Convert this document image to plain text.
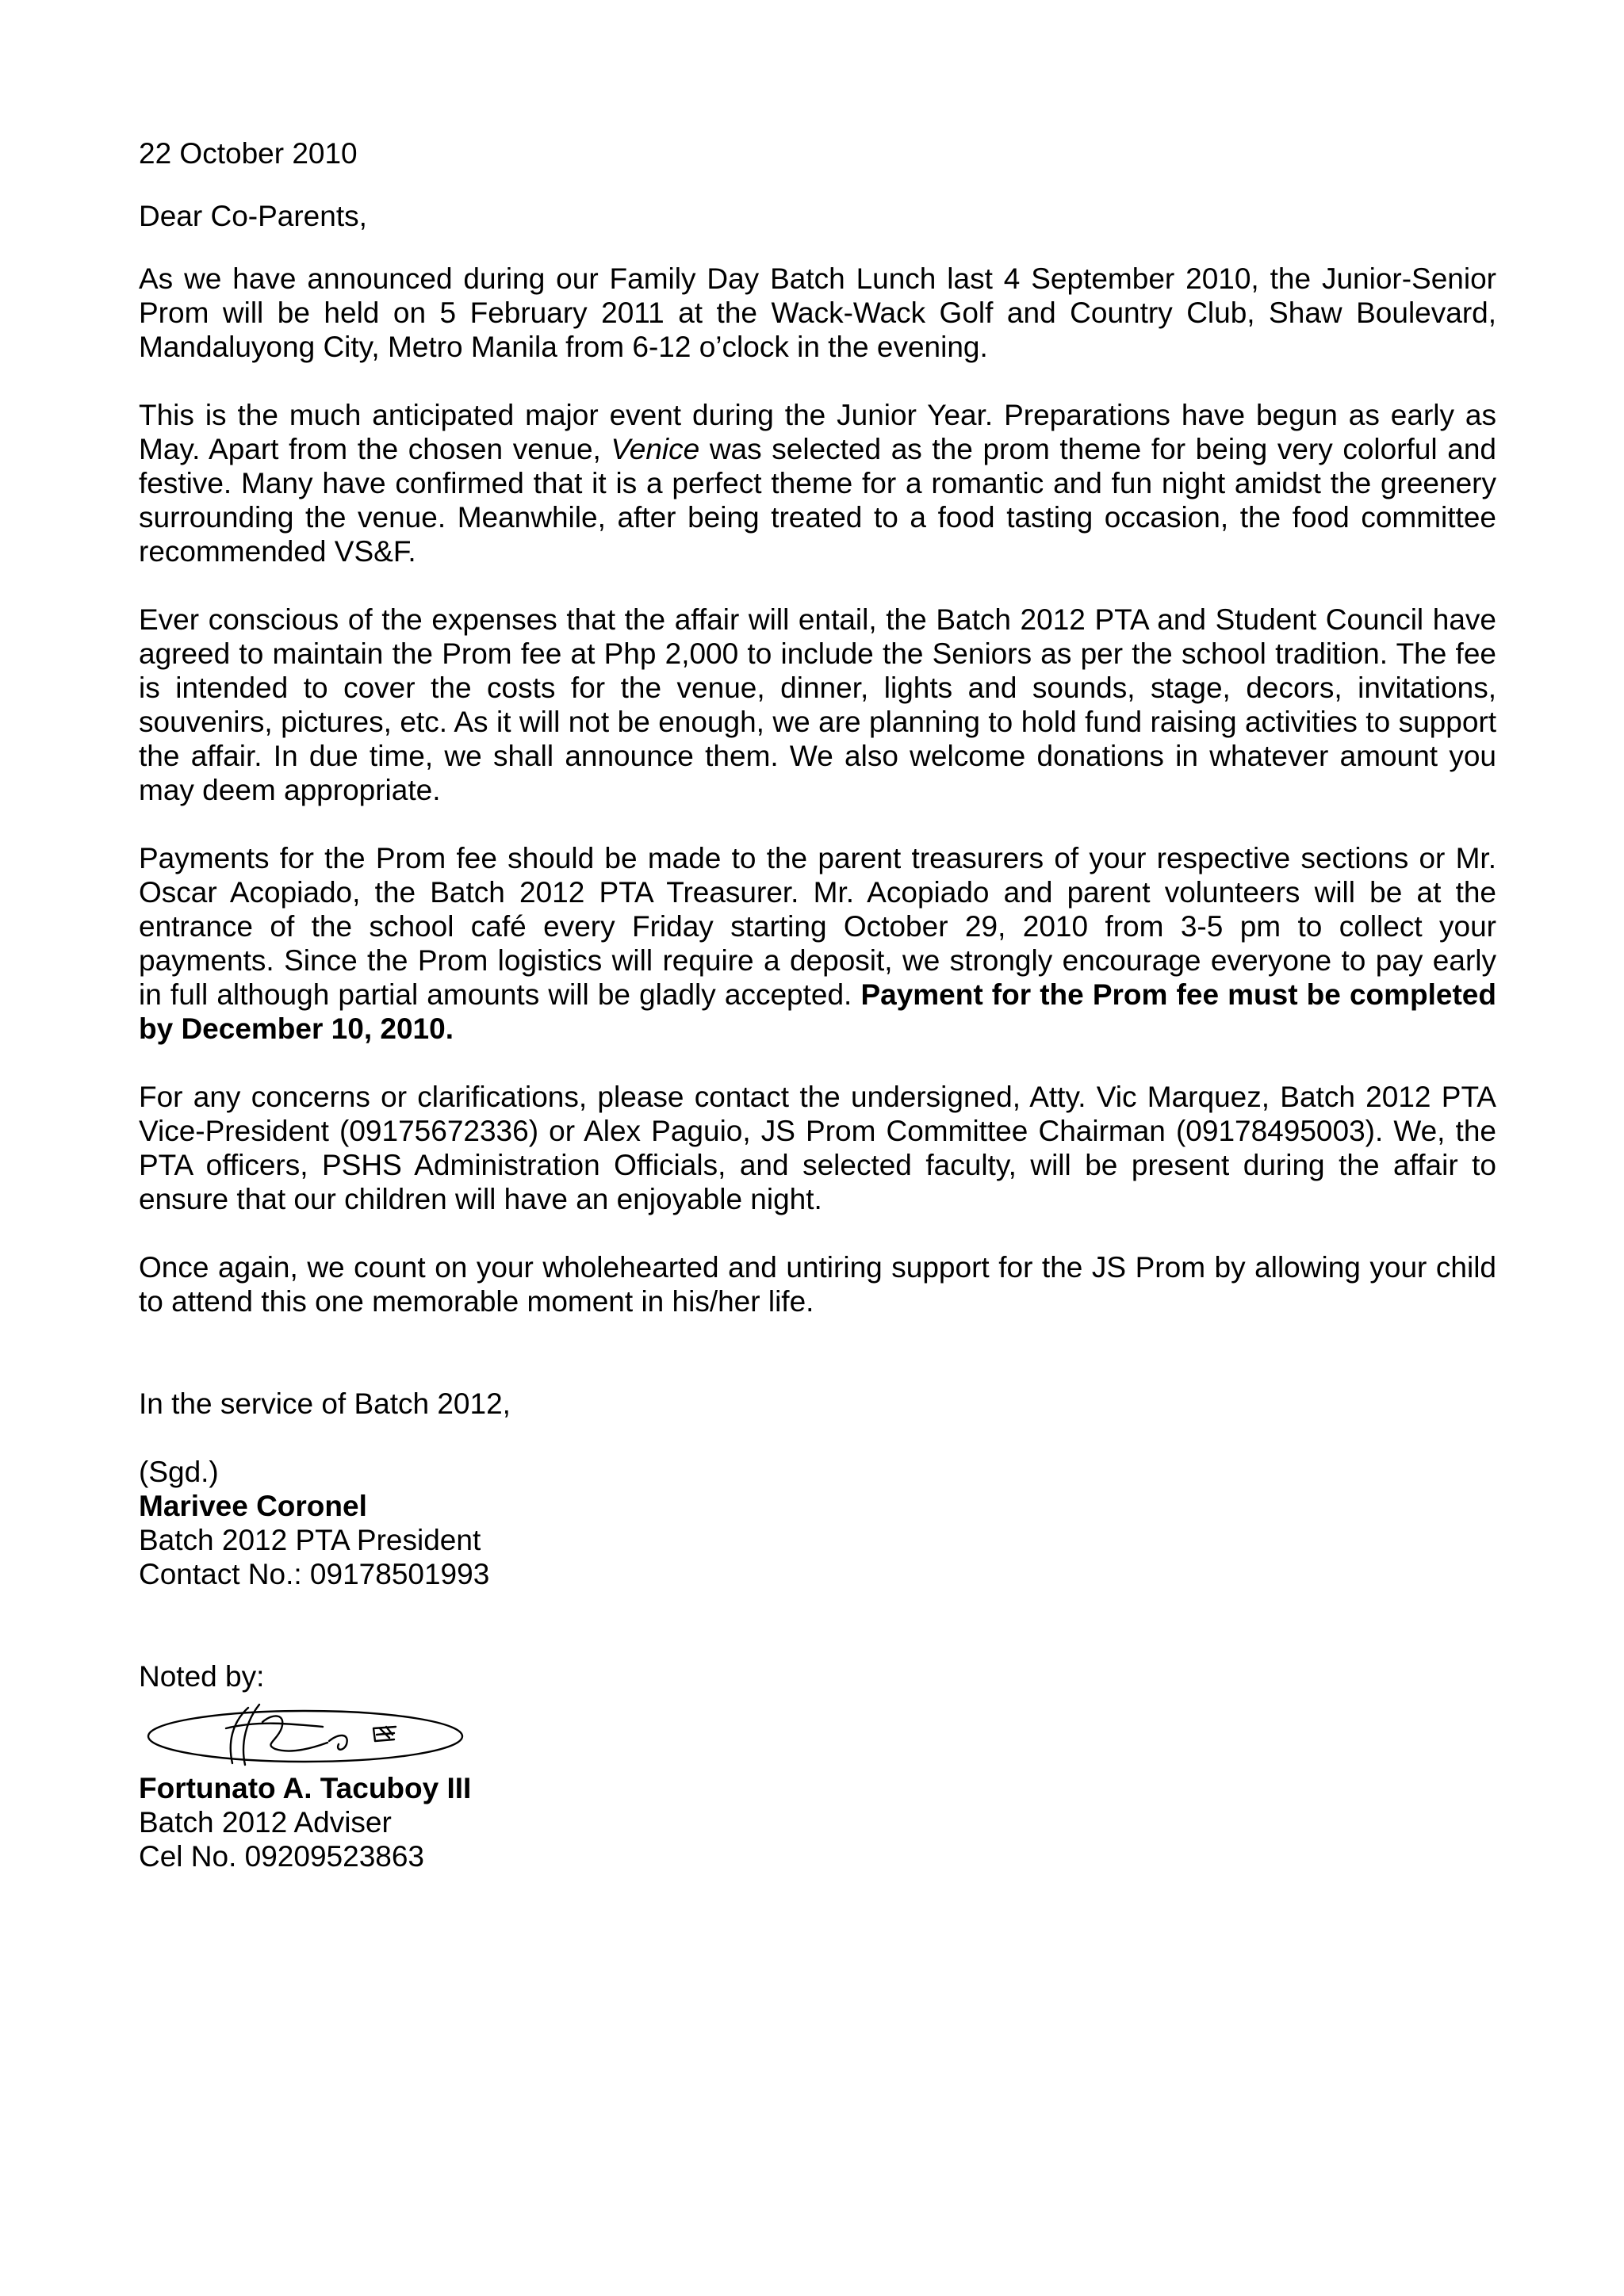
22 October 2010

Dear Co-Parents,

As we have announced during our Family Day Batch Lunch last 4 September 2010, the Junior-Senior Prom will be held on 5 February 2011 at the Wack-Wack Golf and Country Club, Shaw Boulevard, Mandaluyong City, Metro Manila from 6-12 o’clock in the evening.

This is the much anticipated major event during the Junior Year. Preparations have begun as early as May. Apart from the chosen venue, Venice was selected as the prom theme for being very colorful and festive. Many have confirmed that it is a perfect theme for a romantic and fun night amidst the greenery surrounding the venue. Meanwhile, after being treated to a food tasting occasion, the food committee recommended VS&F.

Ever conscious of the expenses that the affair will entail, the Batch 2012 PTA and Student Council have agreed to maintain the Prom fee at Php 2,000 to include the Seniors as per the school tradition. The fee is intended to cover the costs for the venue, dinner, lights and sounds, stage, decors, invitations, souvenirs, pictures, etc. As it will not be enough, we are planning to hold fund raising activities to support the affair. In due time, we shall announce them. We also welcome donations in whatever amount you may deem appropriate.

Payments for the Prom fee should be made to the parent treasurers of your respective sections or Mr. Oscar Acopiado, the Batch 2012 PTA Treasurer. Mr. Acopiado and parent volunteers will be at the entrance of the school café every Friday starting October 29, 2010 from 3-5 pm to collect your payments. Since the Prom logistics will require a deposit, we strongly encourage everyone to pay early in full although partial amounts will be gladly accepted. Payment for the Prom fee must be completed by December 10, 2010.

For any concerns or clarifications, please contact the undersigned, Atty. Vic Marquez, Batch 2012 PTA Vice-President (09175672336) or Alex Paguio, JS Prom Committee Chairman (09178495003). We, the PTA officers, PSHS Administration Officials, and selected faculty, will be present during the affair to ensure that our children will have an enjoyable night.

Once again, we count on your wholehearted and untiring support for the JS Prom by allowing your child to attend this one memorable moment in his/her life.

In the service of Batch 2012,

(Sgd.)

Marivee Coronel

Batch 2012 PTA President

Contact No.: 09178501993

Noted by:

Fortunato A. Tacuboy III

Batch 2012 Adviser

Cel No. 09209523863
